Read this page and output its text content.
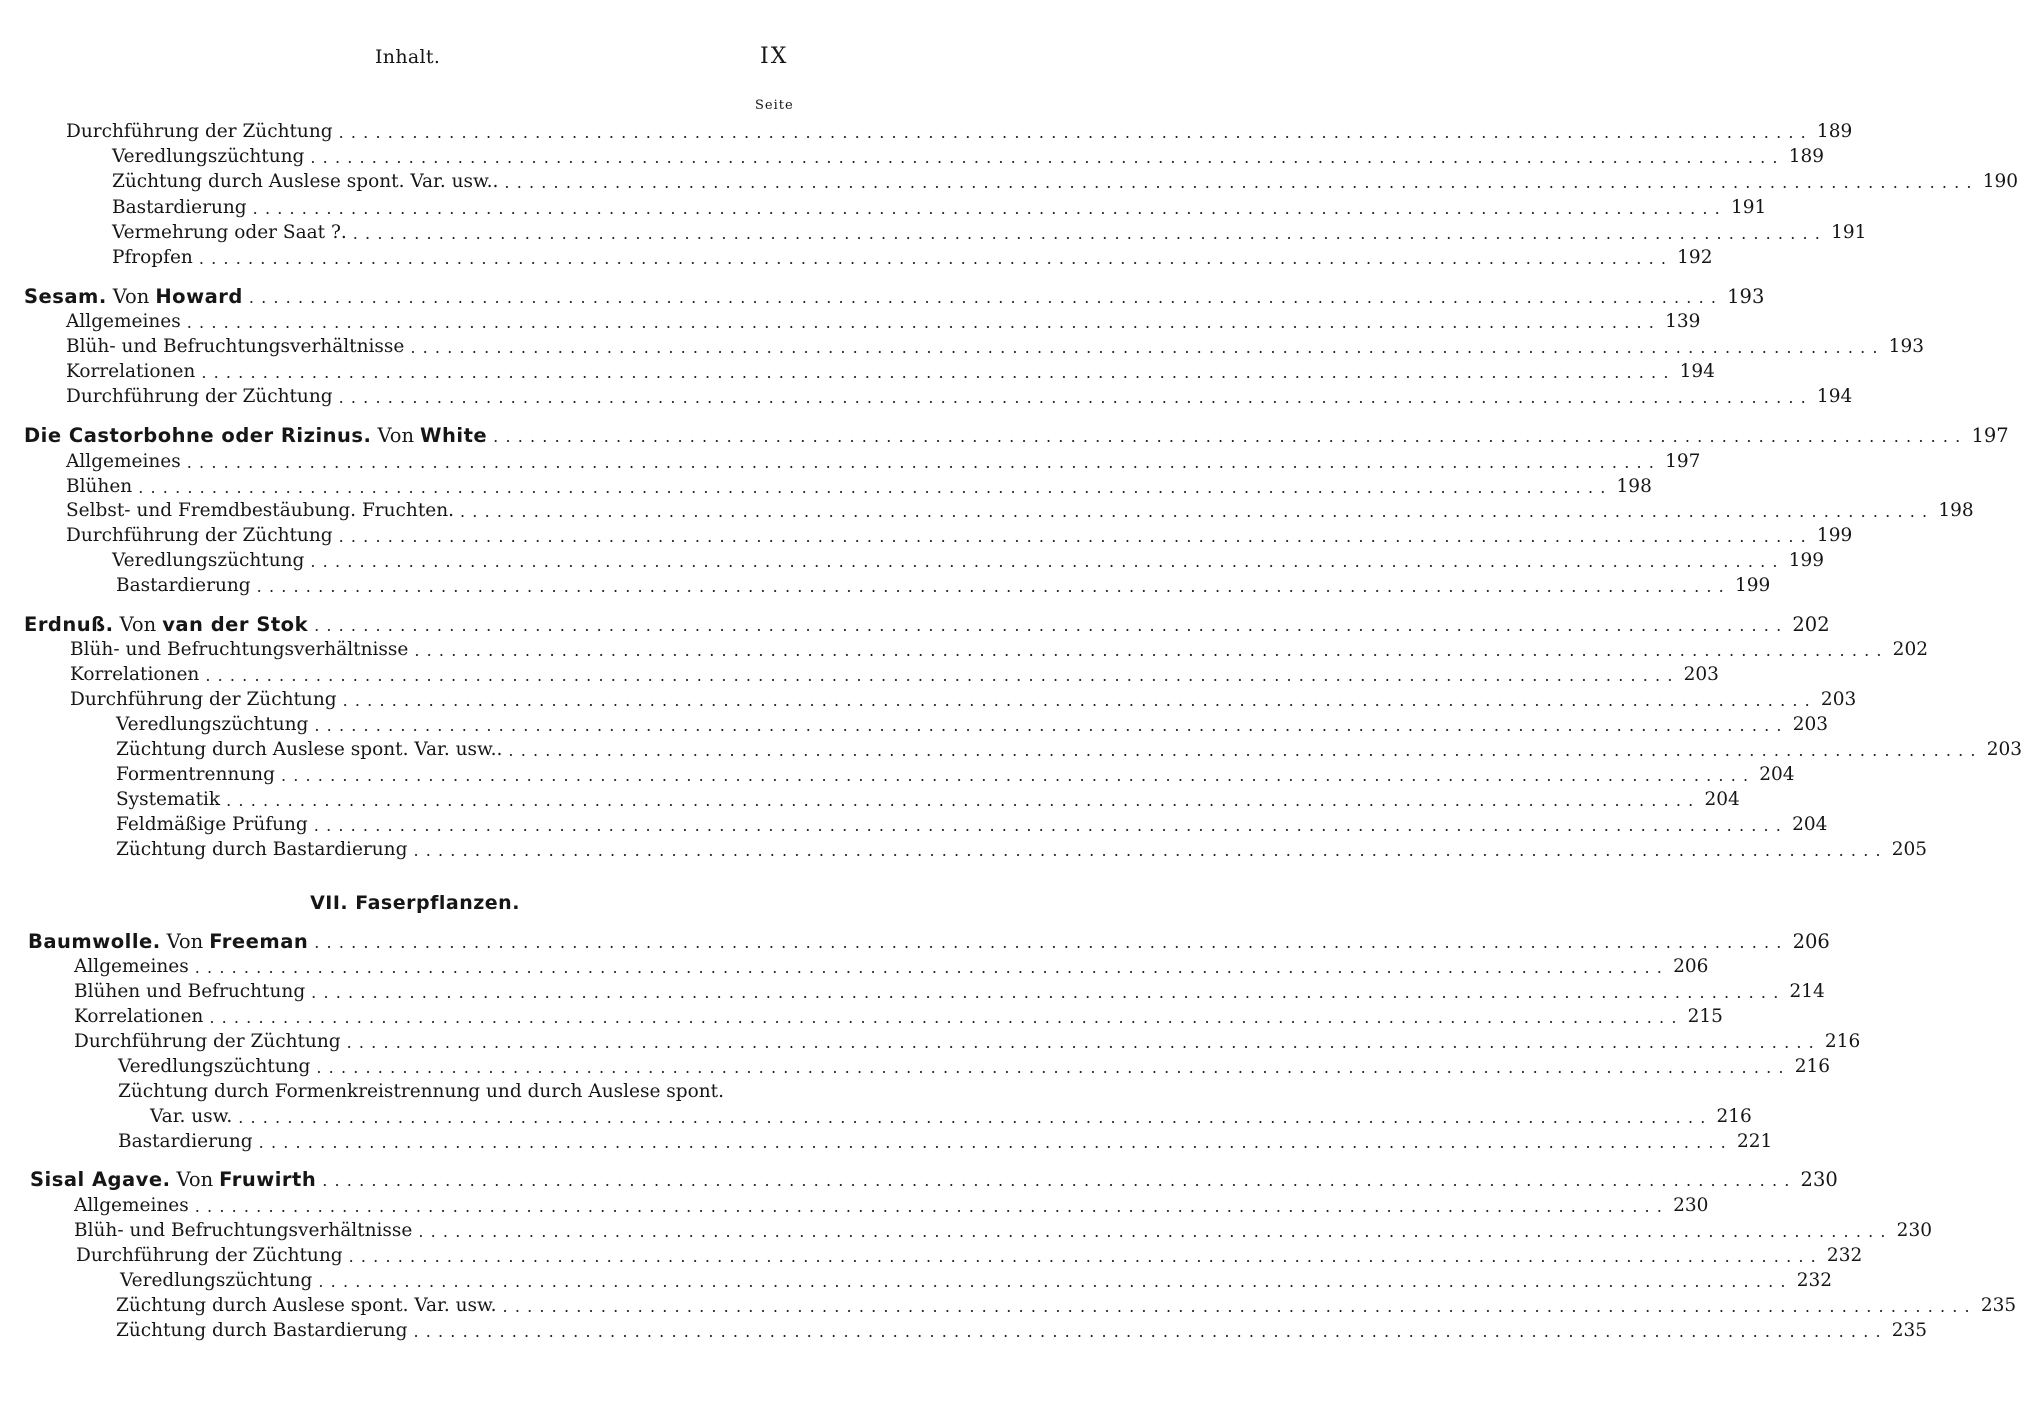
Inhalt.	IX
Seite
Durchführung der Züchtung ........................................................................................................................ 189
Veredlungszüchtung ........................................................................................................................ 189
Züchtung durch Auslese spont. Var. usw.. ........................................................................................................................ 190
Bastardierung ........................................................................................................................ 191
Vermehrung oder Saat ?. ........................................................................................................................ 191
Pfropfen ........................................................................................................................ 192
Sesam. Von Howard ........................................................................................................................ 193
Allgemeines ........................................................................................................................ 139
Blüh- und Befruchtungsverhältnisse ........................................................................................................................ 193
Korrelationen ........................................................................................................................ 194
Durchführung der Züchtung ........................................................................................................................ 194
Die Castorbohne oder Rizinus. Von White ........................................................................................................................ 197
Allgemeines ........................................................................................................................ 197
Blühen ........................................................................................................................ 198
Selbst- und Fremdbestäubung. Fruchten. ........................................................................................................................ 198
Durchführung der Züchtung ........................................................................................................................ 199
Veredlungszüchtung ........................................................................................................................ 199
Bastardierung ........................................................................................................................ 199
Erdnuß. Von van der Stok ........................................................................................................................ 202
Blüh- und Befruchtungsverhältnisse ........................................................................................................................ 202
Korrelationen ........................................................................................................................ 203
Durchführung der Züchtung ........................................................................................................................ 203
Veredlungszüchtung ........................................................................................................................ 203
Züchtung durch Auslese spont. Var. usw.. ........................................................................................................................ 203
Formentrennung ........................................................................................................................ 204
Systematik ........................................................................................................................ 204
Feldmäßige Prüfung ........................................................................................................................ 204
Züchtung durch Bastardierung ........................................................................................................................ 205
VII. Faserpflanzen.
Baumwolle. Von Freeman ........................................................................................................................ 206
Allgemeines ........................................................................................................................ 206
Blühen und Befruchtung ........................................................................................................................ 214
Korrelationen ........................................................................................................................ 215
Durchführung der Züchtung ........................................................................................................................ 216
Veredlungszüchtung ........................................................................................................................ 216
Züchtung durch Formenkreistrennung und durch Auslese spont.
Var. usw. ........................................................................................................................ 216
Bastardierung ........................................................................................................................ 221
Sisal Agave. Von Fruwirth ........................................................................................................................ 230
Allgemeines ........................................................................................................................ 230
Blüh- und Befruchtungsverhältnisse ........................................................................................................................ 230
Durchführung der Züchtung ........................................................................................................................ 232
Veredlungszüchtung ........................................................................................................................ 232
Züchtung durch Auslese spont. Var. usw. ........................................................................................................................ 235
Züchtung durch Bastardierung ........................................................................................................................ 235
